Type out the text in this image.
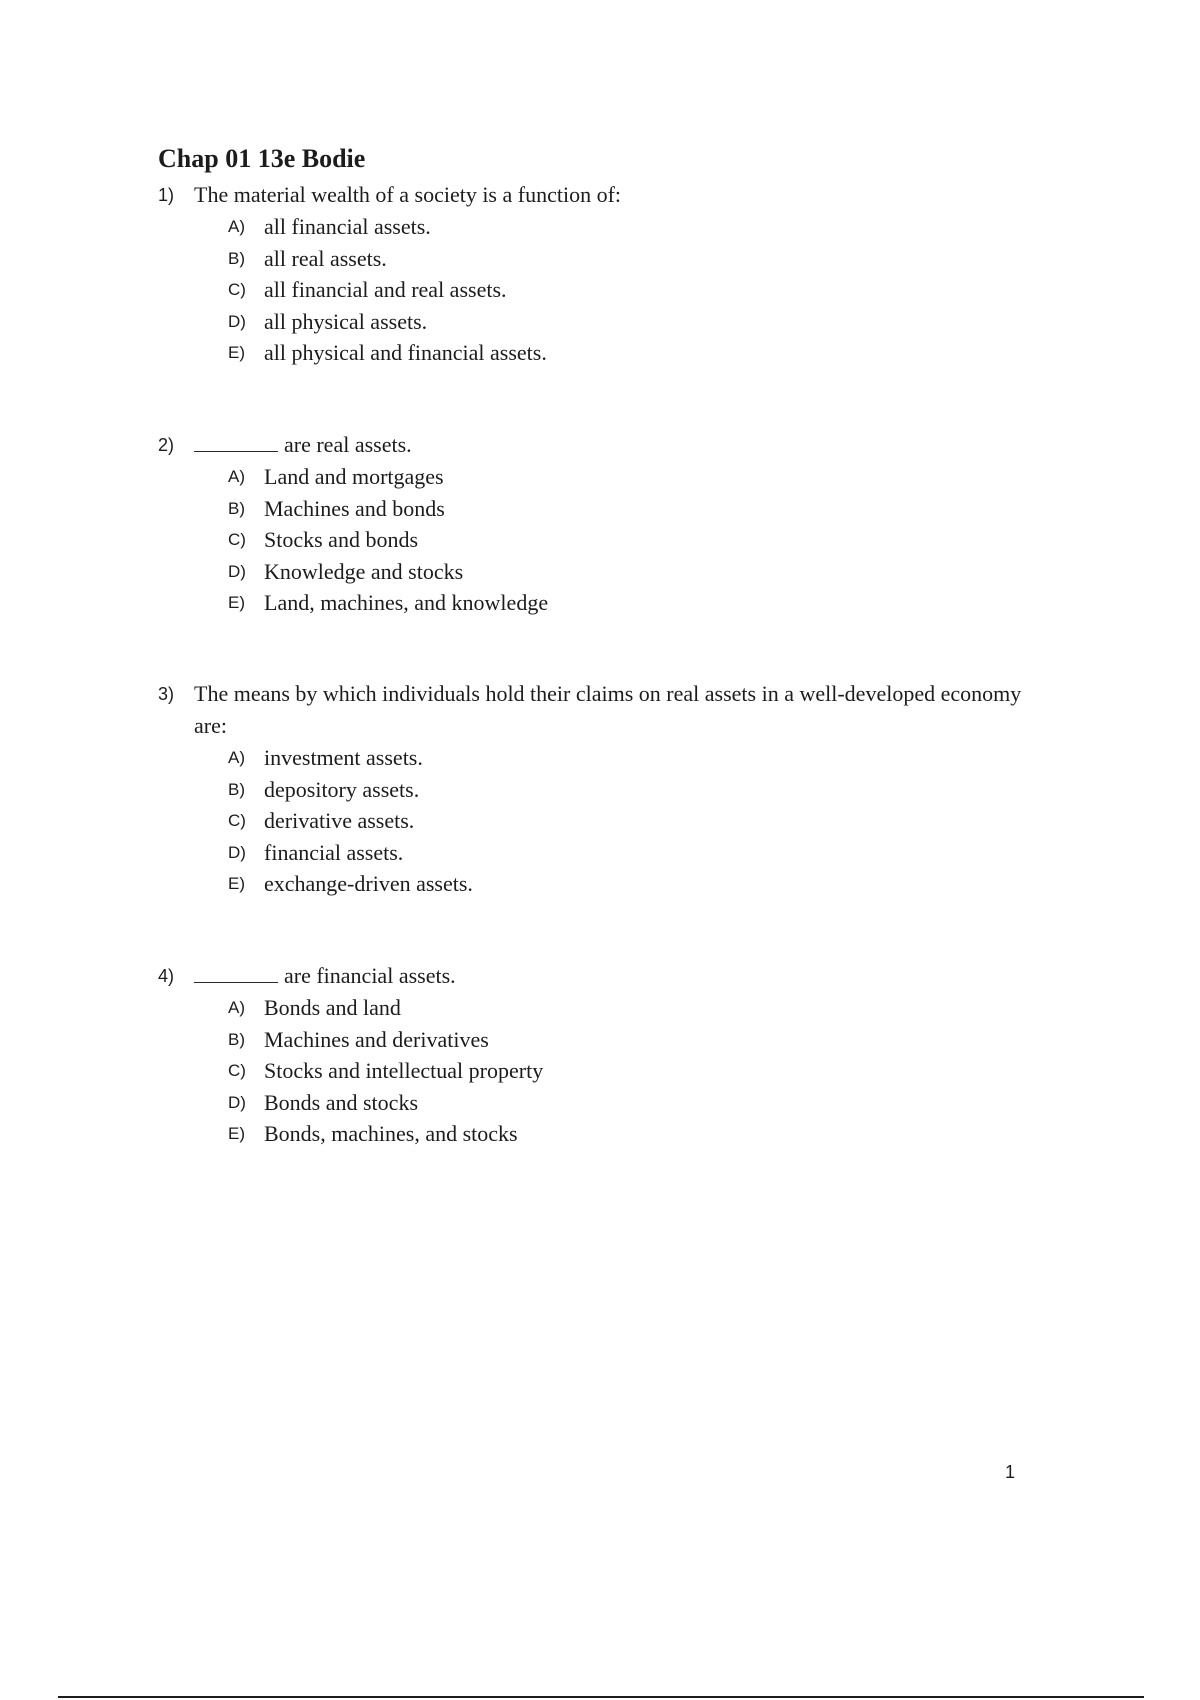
Chap 01 13e Bodie
1) The material wealth of a society is a function of:
A) all financial assets.
B) all real assets.
C) all financial and real assets.
D) all physical assets.
E) all physical and financial assets.
2)	are real assets.
A) Land and mortgages
B) Machines and bonds
C) Stocks and bonds
D) Knowledge and stocks
E) Land, machines, and knowledge
3) The means by which individuals hold their claims on real assets in a well-developed economy are:
A) investment assets.
B) depository assets.
C) derivative assets.
D) financial assets.
E) exchange-driven assets.
4)	are financial assets.
A) Bonds and land
B) Machines and derivatives
C) Stocks and intellectual property
D) Bonds and stocks
E) Bonds, machines, and stocks
1
